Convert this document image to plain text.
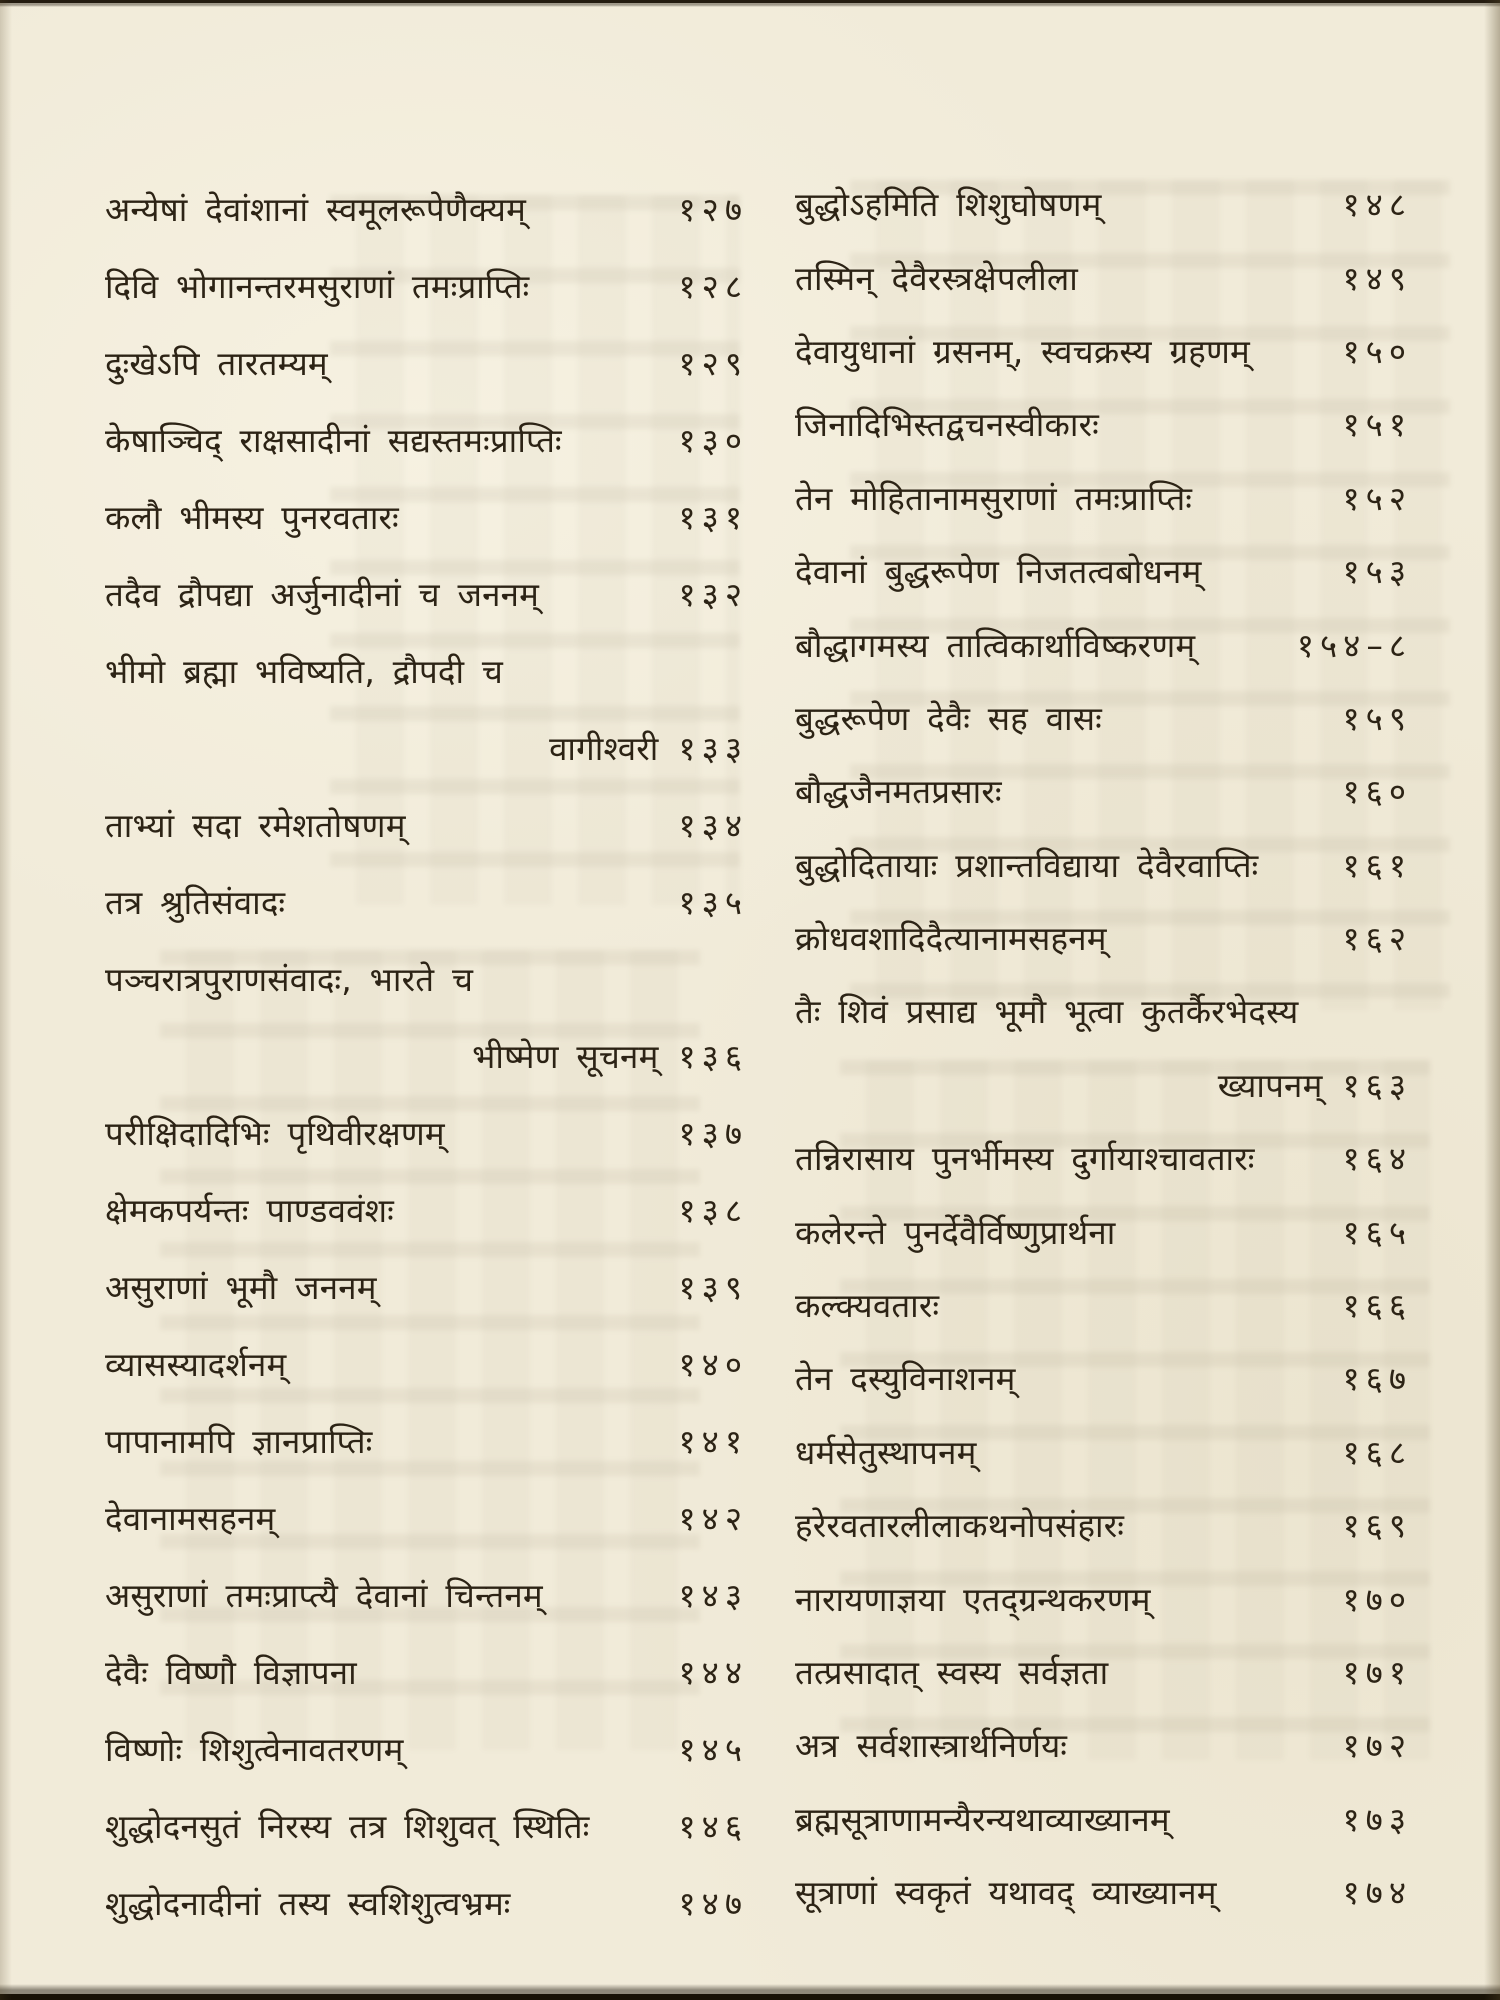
अन्येषां देवांशानां स्वमूलरूपेणैक्यम्	१२७
दिवि भोगानन्तरमसुराणां तमःप्राप्तिः	१२८
दुःखेऽपि तारतम्यम्	१२९
केषाञ्चिद् राक्षसादीनां सद्यस्तमःप्राप्तिः	१३०
कलौ भीमस्य पुनरवतारः	१३१
तदैव द्रौपद्या अर्जुनादीनां च जननम्	१३२
भीमो ब्रह्मा भविष्यति, द्रौपदी च
वागीश्वरी १३३
ताभ्यां सदा रमेशतोषणम्	१३४
तत्र श्रुतिसंवादः	१३५
पञ्चरात्रपुराणसंवादः, भारते च
भीष्मेण सूचनम् १३६
परीक्षिदादिभिः पृथिवीरक्षणम्	१३७
क्षेमकपर्यन्तः पाण्डववंशः	१३८
असुराणां भूमौ जननम्	१३९
व्यासस्यादर्शनम्	१४०
पापानामपि ज्ञानप्राप्तिः	१४१
देवानामसहनम्	१४२
असुराणां तमःप्राप्त्यै देवानां चिन्तनम्	१४३
देवैः विष्णौ विज्ञापना	१४४
विष्णोः शिशुत्वेनावतरणम्	१४५
शुद्धोदनसुतं निरस्य तत्र शिशुवत् स्थितिः	१४६
शुद्धोदनादीनां तस्य स्वशिशुत्वभ्रमः	१४७
बुद्धोऽहमिति शिशुघोषणम्	१४८
तस्मिन् देवैरस्त्रक्षेपलीला	१४९
देवायुधानां ग्रसनम्, स्वचक्रस्य ग्रहणम्	१५०
जिनादिभिस्तद्वचनस्वीकारः	१५१
तेन मोहितानामसुराणां तमःप्राप्तिः	१५२
देवानां बुद्धरूपेण निजतत्वबोधनम्	१५३
बौद्धागमस्य तात्विकार्थाविष्करणम्	१५४–८
बुद्धरूपेण देवैः सह वासः	१५९
बौद्धजैनमतप्रसारः	१६०
बुद्धोदितायाः प्रशान्तविद्याया देवैरवाप्तिः	१६१
क्रोधवशादिदैत्यानामसहनम्	१६२
तैः शिवं प्रसाद्य भूमौ भूत्वा कुतर्कैरभेदस्य
ख्यापनम् १६३
तन्निरासाय पुनर्भीमस्य दुर्गायाश्चावतारः	१६४
कलेरन्ते पुनर्देवैर्विष्णुप्रार्थना	१६५
कल्क्यवतारः	१६६
तेन दस्युविनाशनम्	१६७
धर्मसेतुस्थापनम्	१६८
हरेरवतारलीलाकथनोपसंहारः	१६९
नारायणाज्ञया एतद्ग्रन्थकरणम्	१७०
तत्प्रसादात् स्वस्य सर्वज्ञता	१७१
अत्र सर्वशास्त्रार्थनिर्णयः	१७२
ब्रह्मसूत्राणामन्यैरन्यथाव्याख्यानम्	१७३
सूत्राणां स्वकृतं यथावद् व्याख्यानम्	१७४
